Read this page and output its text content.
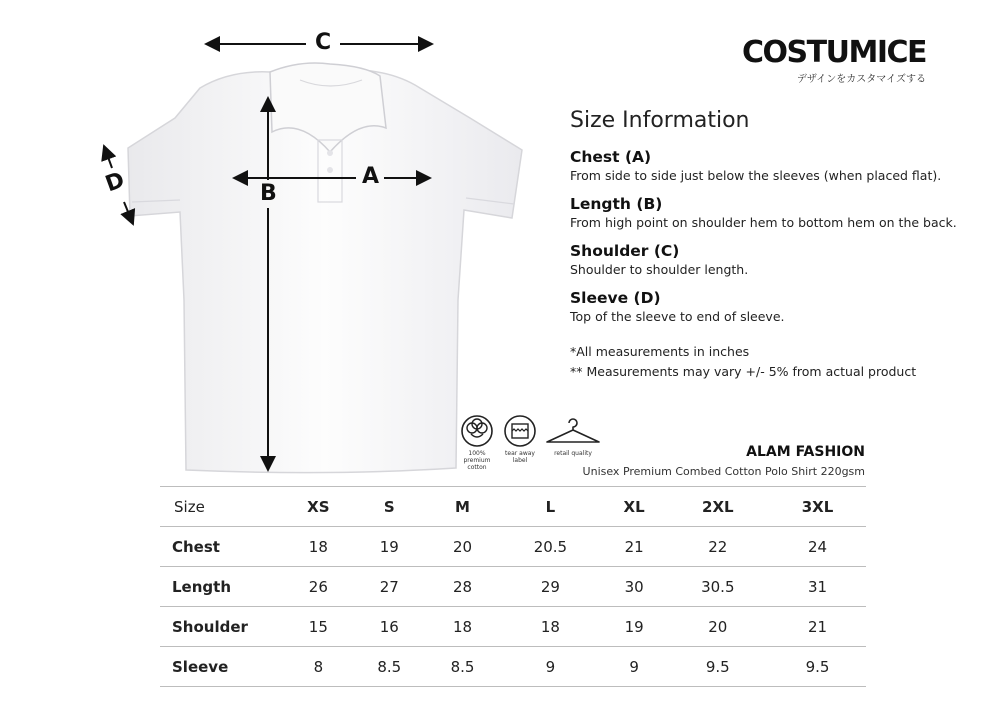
C
A
B
D
COSTUMICE
デザインをカスタマイズする
Size Information
Chest (A)
From side to side just below the sleeves (when placed flat).
Length (B)
From high point on shoulder hem to bottom hem on the back.
Shoulder (C)
Shoulder to shoulder length.
Sleeve (D)
Top of the sleeve to end of sleeve.
*All measurements in inches
** Measurements may vary +/- 5% from actual product
100%
premium
cotton
tear away
label
retail quality	ALAM FASHION
Unisex Premium Combed Cotton Polo Shirt 220gsm
Size	XS	S	M	L	XL	2XL	3XL
Chest	18	19	20	20.5	21	22	24
Length	26	27	28	29	30	30.5	31
Shoulder	15	16	18	18	19	20	21
Sleeve	8	8.5	8.5	9	9	9.5	9.5
